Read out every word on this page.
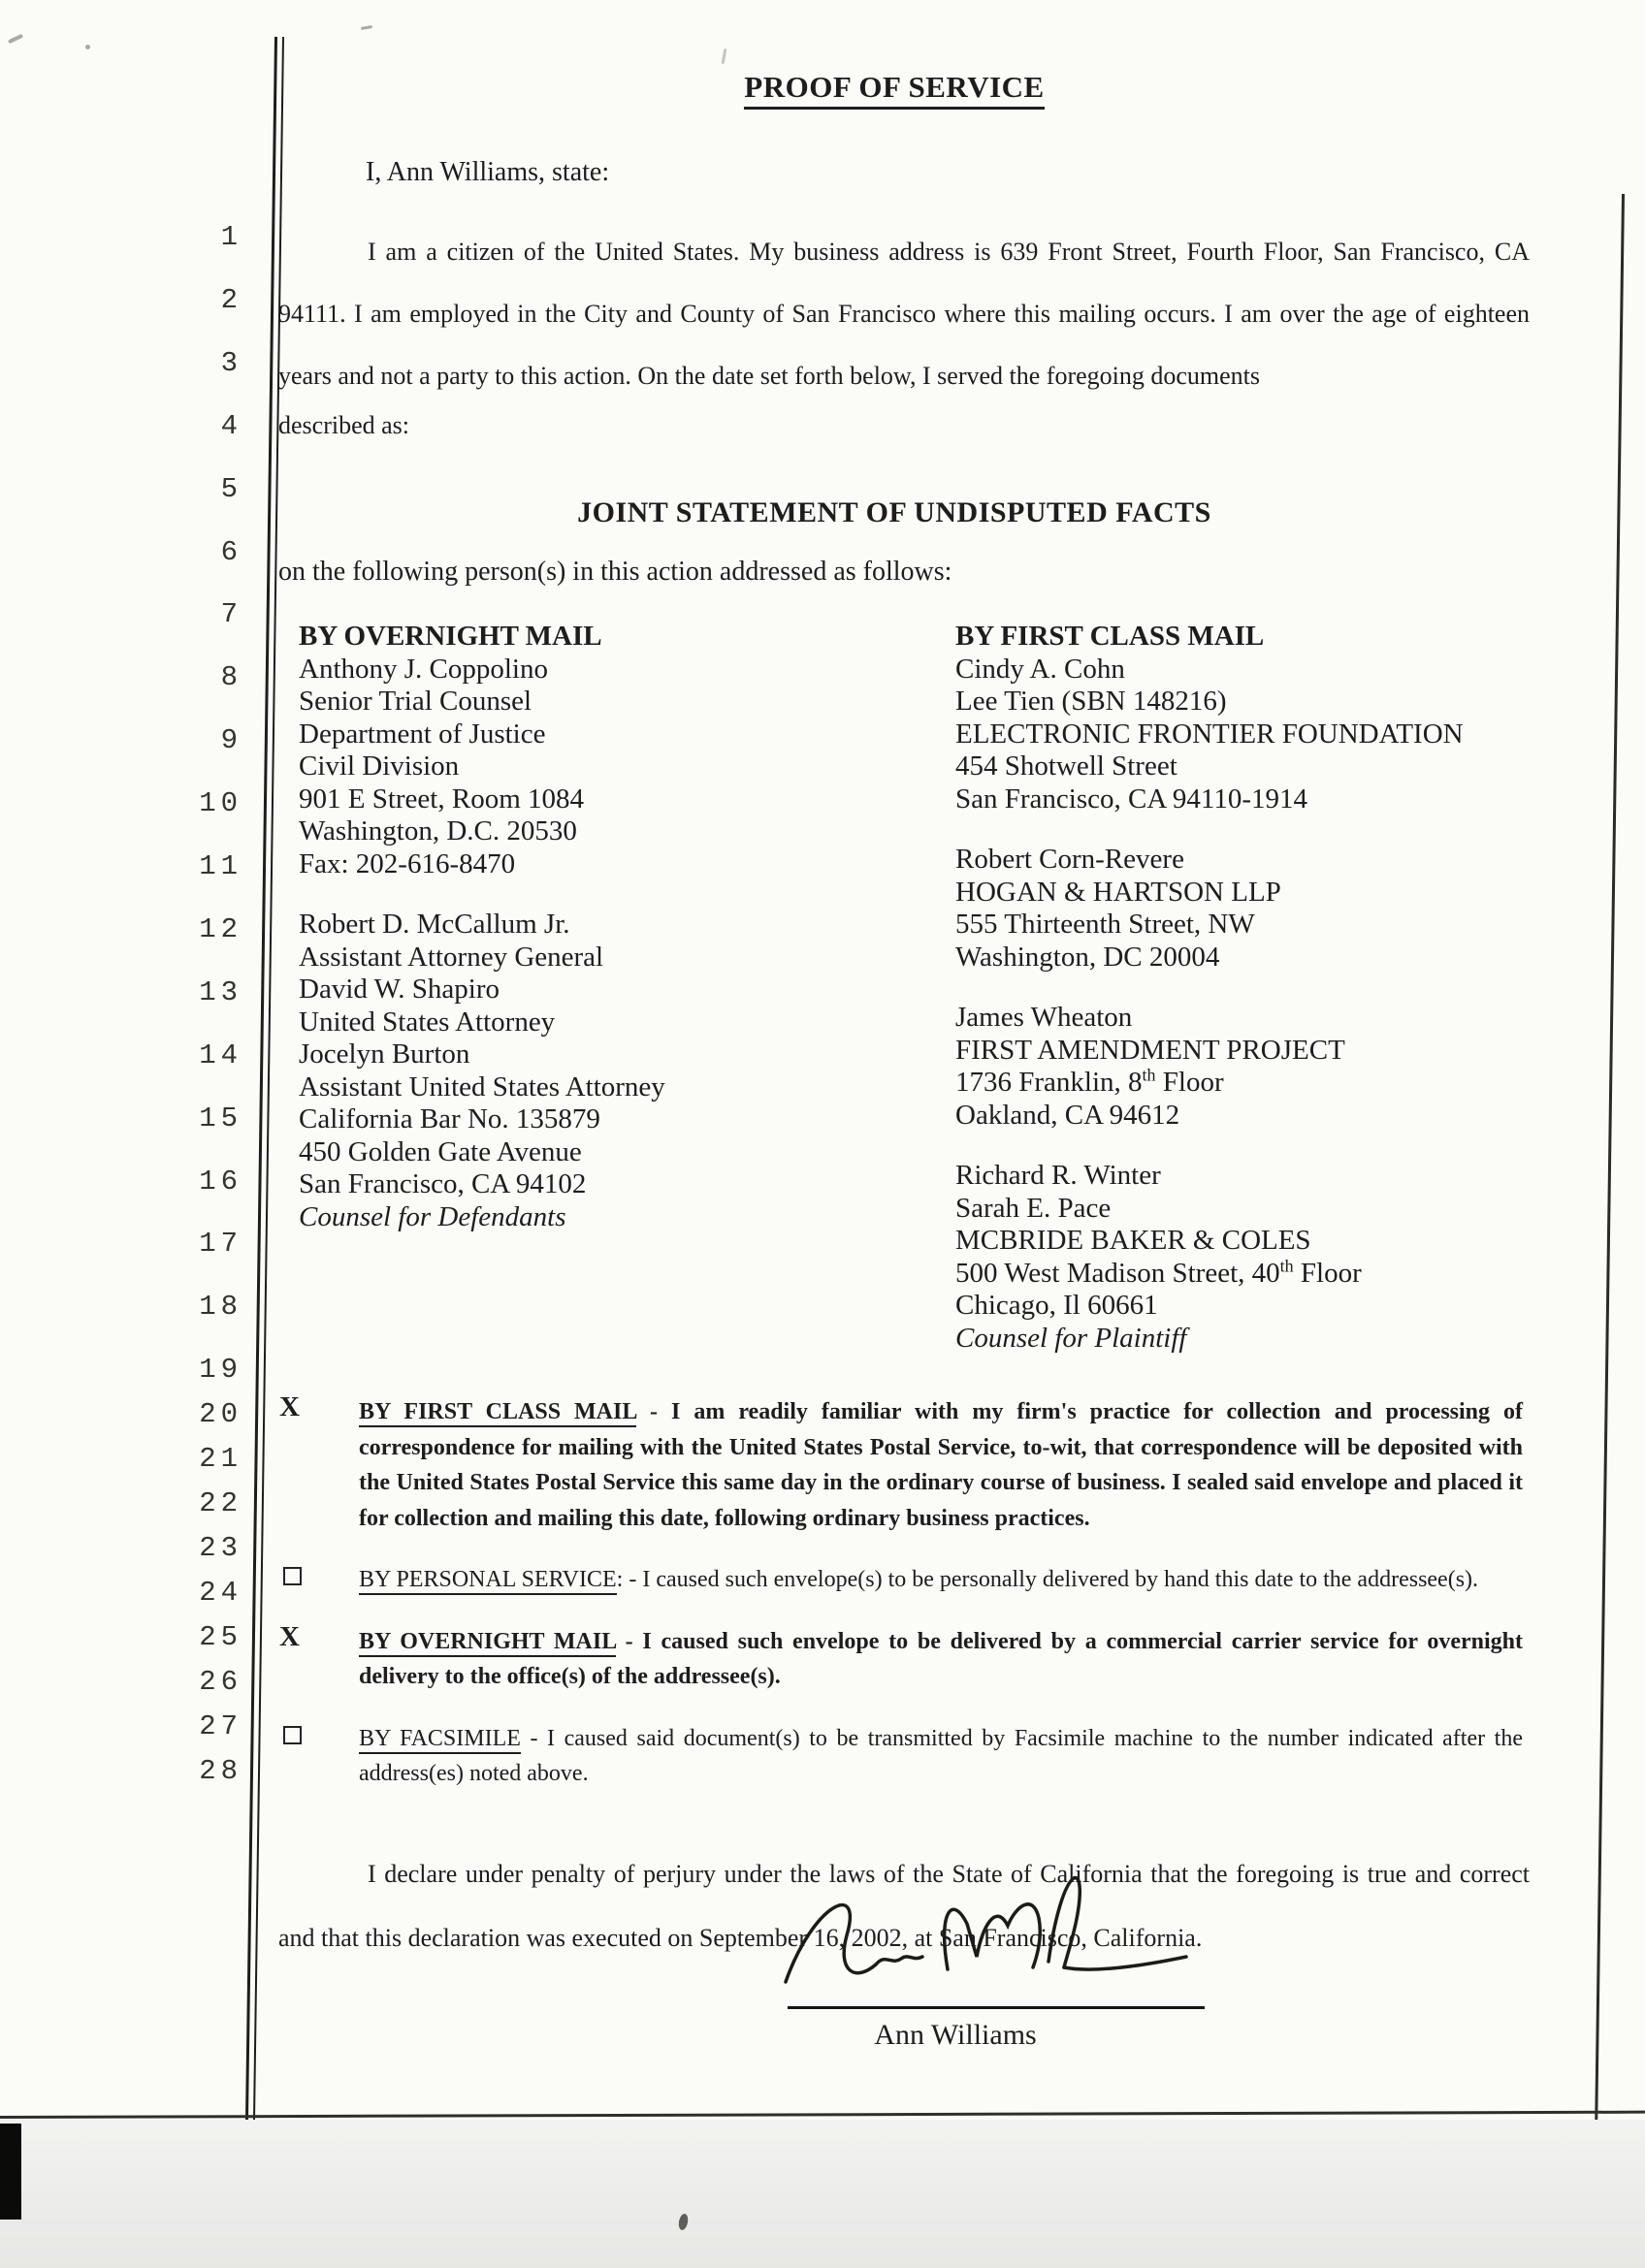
1
2
3
4
5
6
7
8
9
10
11
12
13
14
15
16
17
18
19
20
21
22
23
24
25
26
27
28
PROOF OF SERVICE
I, Ann Williams, state:
I am a citizen of the United States. My business address is 639 Front Street, Fourth Floor, San Francisco, CA 94111. I am employed in the City and County of San Francisco where this mailing occurs. I am over the age of eighteen years and not a party to this action. On the date set forth below, I served the foregoing documents
described as:
JOINT STATEMENT OF UNDISPUTED FACTS
on the following person(s) in this action addressed as follows:
BY OVERNIGHT MAIL
Anthony J. Coppolino
Senior Trial Counsel
Department of Justice
Civil Division
901 E Street, Room 1084
Washington, D.C. 20530
Fax: 202-616-8470
Robert D. McCallum Jr.
Assistant Attorney General
David W. Shapiro
United States Attorney
Jocelyn Burton
Assistant United States Attorney
California Bar No. 135879
450 Golden Gate Avenue
San Francisco, CA 94102
Counsel for Defendants
BY FIRST CLASS MAIL
Cindy A. Cohn
Lee Tien (SBN 148216)
ELECTRONIC FRONTIER FOUNDATION
454 Shotwell Street
San Francisco, CA 94110-1914
Robert Corn-Revere
HOGAN & HARTSON LLP
555 Thirteenth Street, NW
Washington, DC 20004
James Wheaton
FIRST AMENDMENT PROJECT
1736 Franklin, 8th Floor
Oakland, CA 94612
Richard R. Winter
Sarah E. Pace
MCBRIDE BAKER & COLES
500 West Madison Street, 40th Floor
Chicago, Il 60661
Counsel for Plaintiff
X	BY FIRST CLASS MAIL - I am readily familiar with my firm's practice for collection and processing of correspondence for mailing with the United States Postal Service, to-wit, that correspondence will be deposited with the United States Postal Service this same day in the ordinary course of business. I sealed said envelope and placed it for collection and mailing this date, following ordinary business practices.
BY PERSONAL SERVICE: - I caused such envelope(s) to be personally delivered by hand this date to the addressee(s).
X	BY OVERNIGHT MAIL - I caused such envelope to be delivered by a commercial carrier service for overnight delivery to the office(s) of the addressee(s).
BY FACSIMILE - I caused said document(s) to be transmitted by Facsimile machine to the number indicated after the address(es) noted above.
I declare under penalty of perjury under the laws of the State of California that the foregoing is true and correct and that this declaration was executed on September 16, 2002, at San Francisco, California.
Ann Williams
